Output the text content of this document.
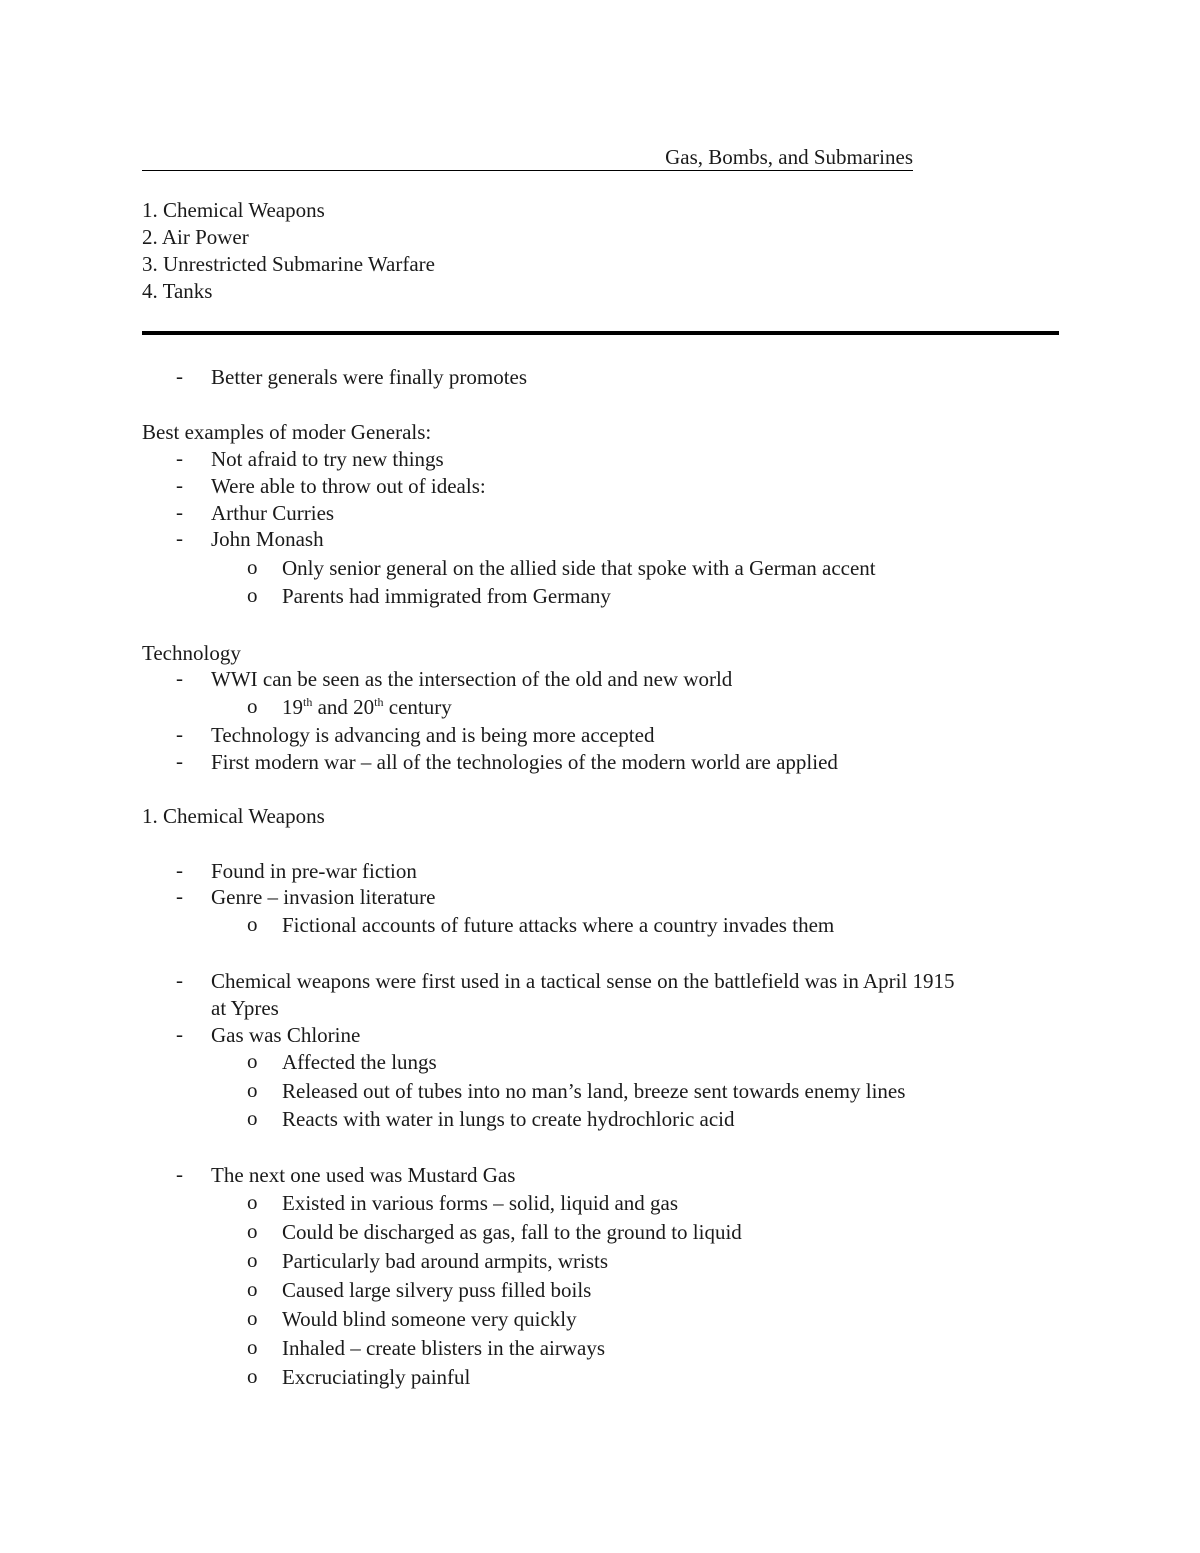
Gas, Bombs, and Submarines
1. Chemical Weapons
2. Air Power
3. Unrestricted Submarine Warfare
4. Tanks
- Better generals were finally promotes
Best examples of moder Generals:
- Not afraid to try new things
- Were able to throw out of ideals:
- Arthur Curries
- John Monash
o Only senior general on the allied side that spoke with a German accent
o Parents had immigrated from Germany
Technology
- WWI can be seen as the intersection of the old and new world
o 19th and 20th century
- Technology is advancing and is being more accepted
- First modern war – all of the technologies of the modern world are applied
1. Chemical Weapons
- Found in pre-war fiction
- Genre – invasion literature
o Fictional accounts of future attacks where a country invades them
- Chemical weapons were first used in a tactical sense on the battlefield was in April 1915
at Ypres
- Gas was Chlorine
o Affected the lungs
o Released out of tubes into no man’s land, breeze sent towards enemy lines
o Reacts with water in lungs to create hydrochloric acid
- The next one used was Mustard Gas
o Existed in various forms – solid, liquid and gas
o Could be discharged as gas, fall to the ground to liquid
o Particularly bad around armpits, wrists
o Caused large silvery puss filled boils
o Would blind someone very quickly
o Inhaled – create blisters in the airways
o Excruciatingly painful
